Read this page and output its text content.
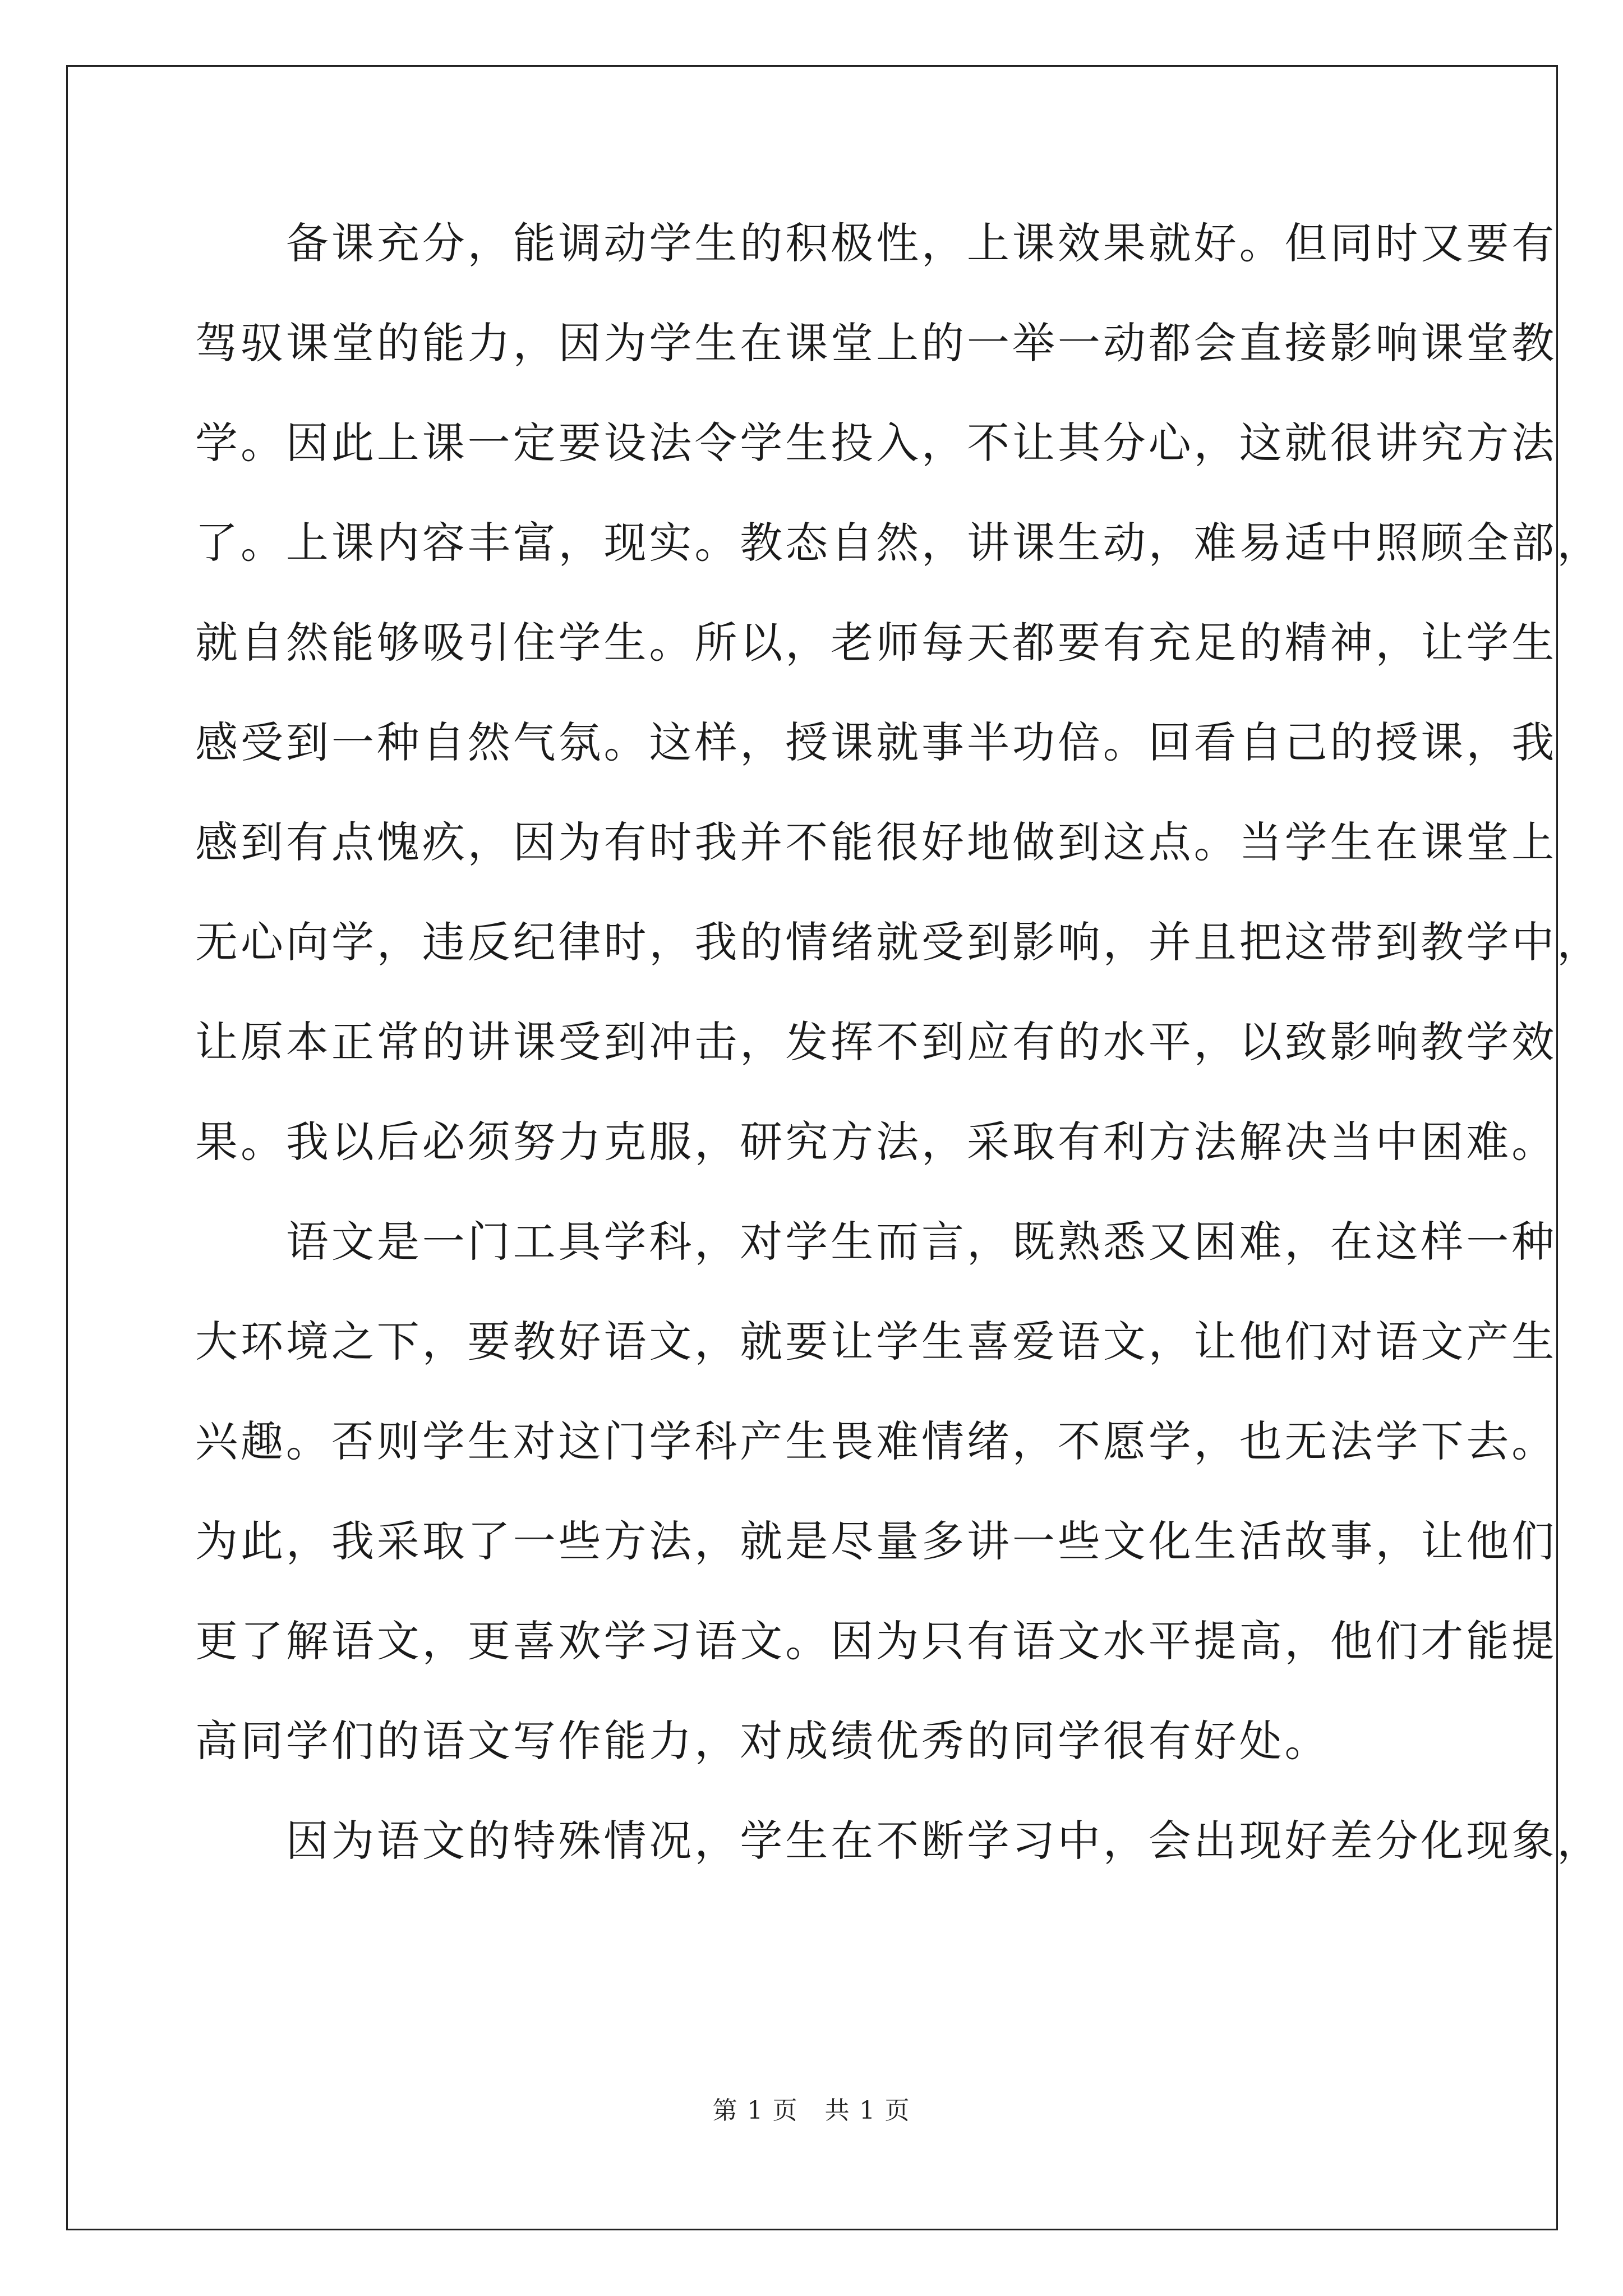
　　备课充分，能调动学生的积极性，上课效果就好。但同时又要有
驾驭课堂的能力，因为学生在课堂上的一举一动都会直接影响课堂教
学。因此上课一定要设法令学生投入，不让其分心，这就很讲究方法
了。上课内容丰富，现实。教态自然，讲课生动，难易适中照顾全部，
就自然能够吸引住学生。所以，老师每天都要有充足的精神，让学生
感受到一种自然气氛。这样，授课就事半功倍。回看自己的授课，我
感到有点愧疚，因为有时我并不能很好地做到这点。当学生在课堂上
无心向学，违反纪律时，我的情绪就受到影响，并且把这带到教学中，
让原本正常的讲课受到冲击，发挥不到应有的水平，以致影响教学效
果。我以后必须努力克服，研究方法，采取有利方法解决当中困难。
　　语文是一门工具学科，对学生而言，既熟悉又困难，在这样一种
大环境之下，要教好语文，就要让学生喜爱语文，让他们对语文产生
兴趣。否则学生对这门学科产生畏难情绪，不愿学，也无法学下去。
为此，我采取了一些方法，就是尽量多讲一些文化生活故事，让他们
更了解语文，更喜欢学习语文。因为只有语文水平提高，他们才能提
高同学们的语文写作能力，对成绩优秀的同学很有好处。
　　因为语文的特殊情况，学生在不断学习中，会出现好差分化现象，
第 1 页   共 1 页
